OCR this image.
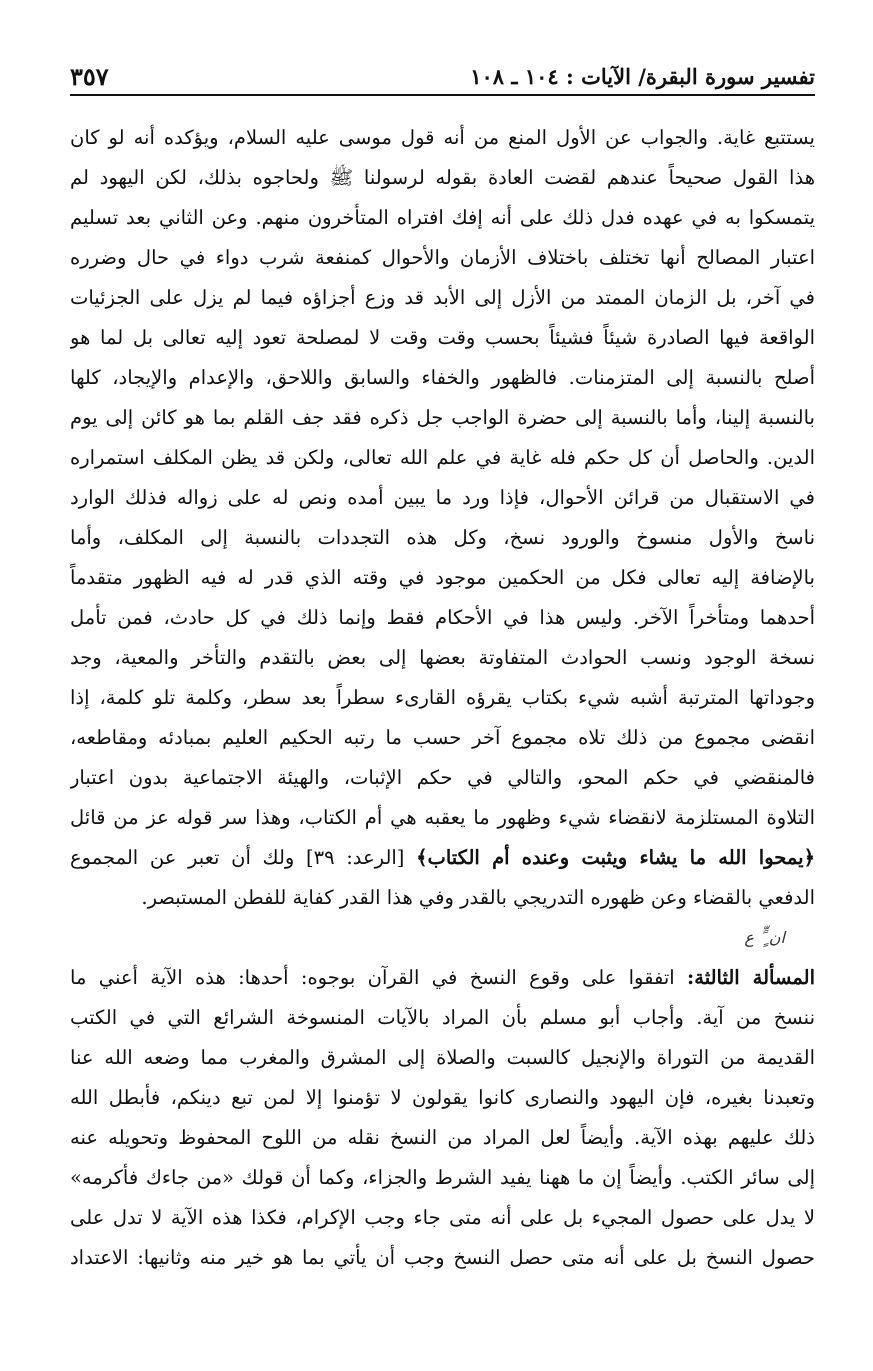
تفسير سورة البقرة/ الآيات : ١٠٤ ـ ١٠٨
٣٥٧
يستتبع غاية. والجواب عن الأول المنع من أنه قول موسى عليه السلام، ويؤكده أنه لو كان
هذا القول صحيحاً عندهم لقضت العادة بقوله لرسولنا ﷺ ولحاجوه بذلك، لكن اليهود لم
يتمسكوا به في عهده فدل ذلك على أنه إفك افتراه المتأخرون منهم. وعن الثاني بعد تسليم
اعتبار المصالح أنها تختلف باختلاف الأزمان والأحوال كمنفعة شرب دواء في حال وضرره
في آخر، بل الزمان الممتد من الأزل إلى الأبد قد وزع أجزاؤه فيما لم يزل على الجزئيات
الواقعة فيها الصادرة شيئاً فشيئاً بحسب وقت وقت لا لمصلحة تعود إليه تعالى بل لما هو
أصلح بالنسبة إلى المتزمنات. فالظهور والخفاء والسابق واللاحق، والإعدام والإيجاد، كلها
بالنسبة إلينا، وأما بالنسبة إلى حضرة الواجب جل ذكره فقد جف القلم بما هو كائن إلى يوم
الدين. والحاصل أن كل حكم فله غاية في علم الله تعالى، ولكن قد يظن المكلف استمراره
في الاستقبال من قرائن الأحوال، فإذا ورد ما يبين أمده ونص له على زواله فذلك الوارد
ناسخ والأول منسوخ والورود نسخ، وكل هذه التجددات بالنسبة إلى المكلف، وأما
بالإضافة إليه تعالى فكل من الحكمين موجود في وقته الذي قدر له فيه الظهور متقدماً
أحدهما ومتأخراً الآخر. وليس هذا في الأحكام فقط وإنما ذلك في كل حادث، فمن تأمل
نسخة الوجود ونسب الحوادث المتفاوتة بعضها إلى بعض بالتقدم والتأخر والمعية، وجد
وجوداتها المترتبة أشبه شيء بكتاب يقرؤه القارىء سطراً بعد سطر، وكلمة تلو كلمة، إذا
انقضى مجموع من ذلك تلاه مجموع آخر حسب ما رتبه الحكيم العليم بمبادئه ومقاطعه،
فالمنقضي في حكم المحو، والتالي في حكم الإثبات، والهيئة الاجتماعية بدون اعتبار
التلاوة المستلزمة لانقضاء شيء وظهور ما يعقبه هي أم الكتاب، وهذا سر قوله عز من قائل
﴿يمحوا الله ما يشاء ويثبت وعنده أم الكتاب﴾ [الرعد: ٣٩] ولك أن تعبر عن المجموع
الدفعي بالقضاء وعن ظهوره التدريجي بالقدر وفي هذا القدر كفاية للفطن المستبصر.
ان ٍ ٍّ ع
المسألة الثالثة: اتفقوا على وقوع النسخ في القرآن بوجوه: أحدها: هذه الآية أعني ما
ننسخ من آية. وأجاب أبو مسلم بأن المراد بالآيات المنسوخة الشرائع التي في الكتب
القديمة من التوراة والإنجيل كالسبت والصلاة إلى المشرق والمغرب مما وضعه الله عنا
وتعبدنا بغيره، فإن اليهود والنصارى كانوا يقولون لا تؤمنوا إلا لمن تبع دينكم، فأبطل الله
ذلك عليهم بهذه الآية. وأيضاً لعل المراد من النسخ نقله من اللوح المحفوظ وتحويله عنه
إلى سائر الكتب. وأيضاً إن ما ههنا يفيد الشرط والجزاء، وكما أن قولك «من جاءك فأكرمه»
لا يدل على حصول المجيء بل على أنه متى جاء وجب الإكرام، فكذا هذه الآية لا تدل على
حصول النسخ بل على أنه متى حصل النسخ وجب أن يأتي بما هو خير منه وثانيها: الاعتداد
